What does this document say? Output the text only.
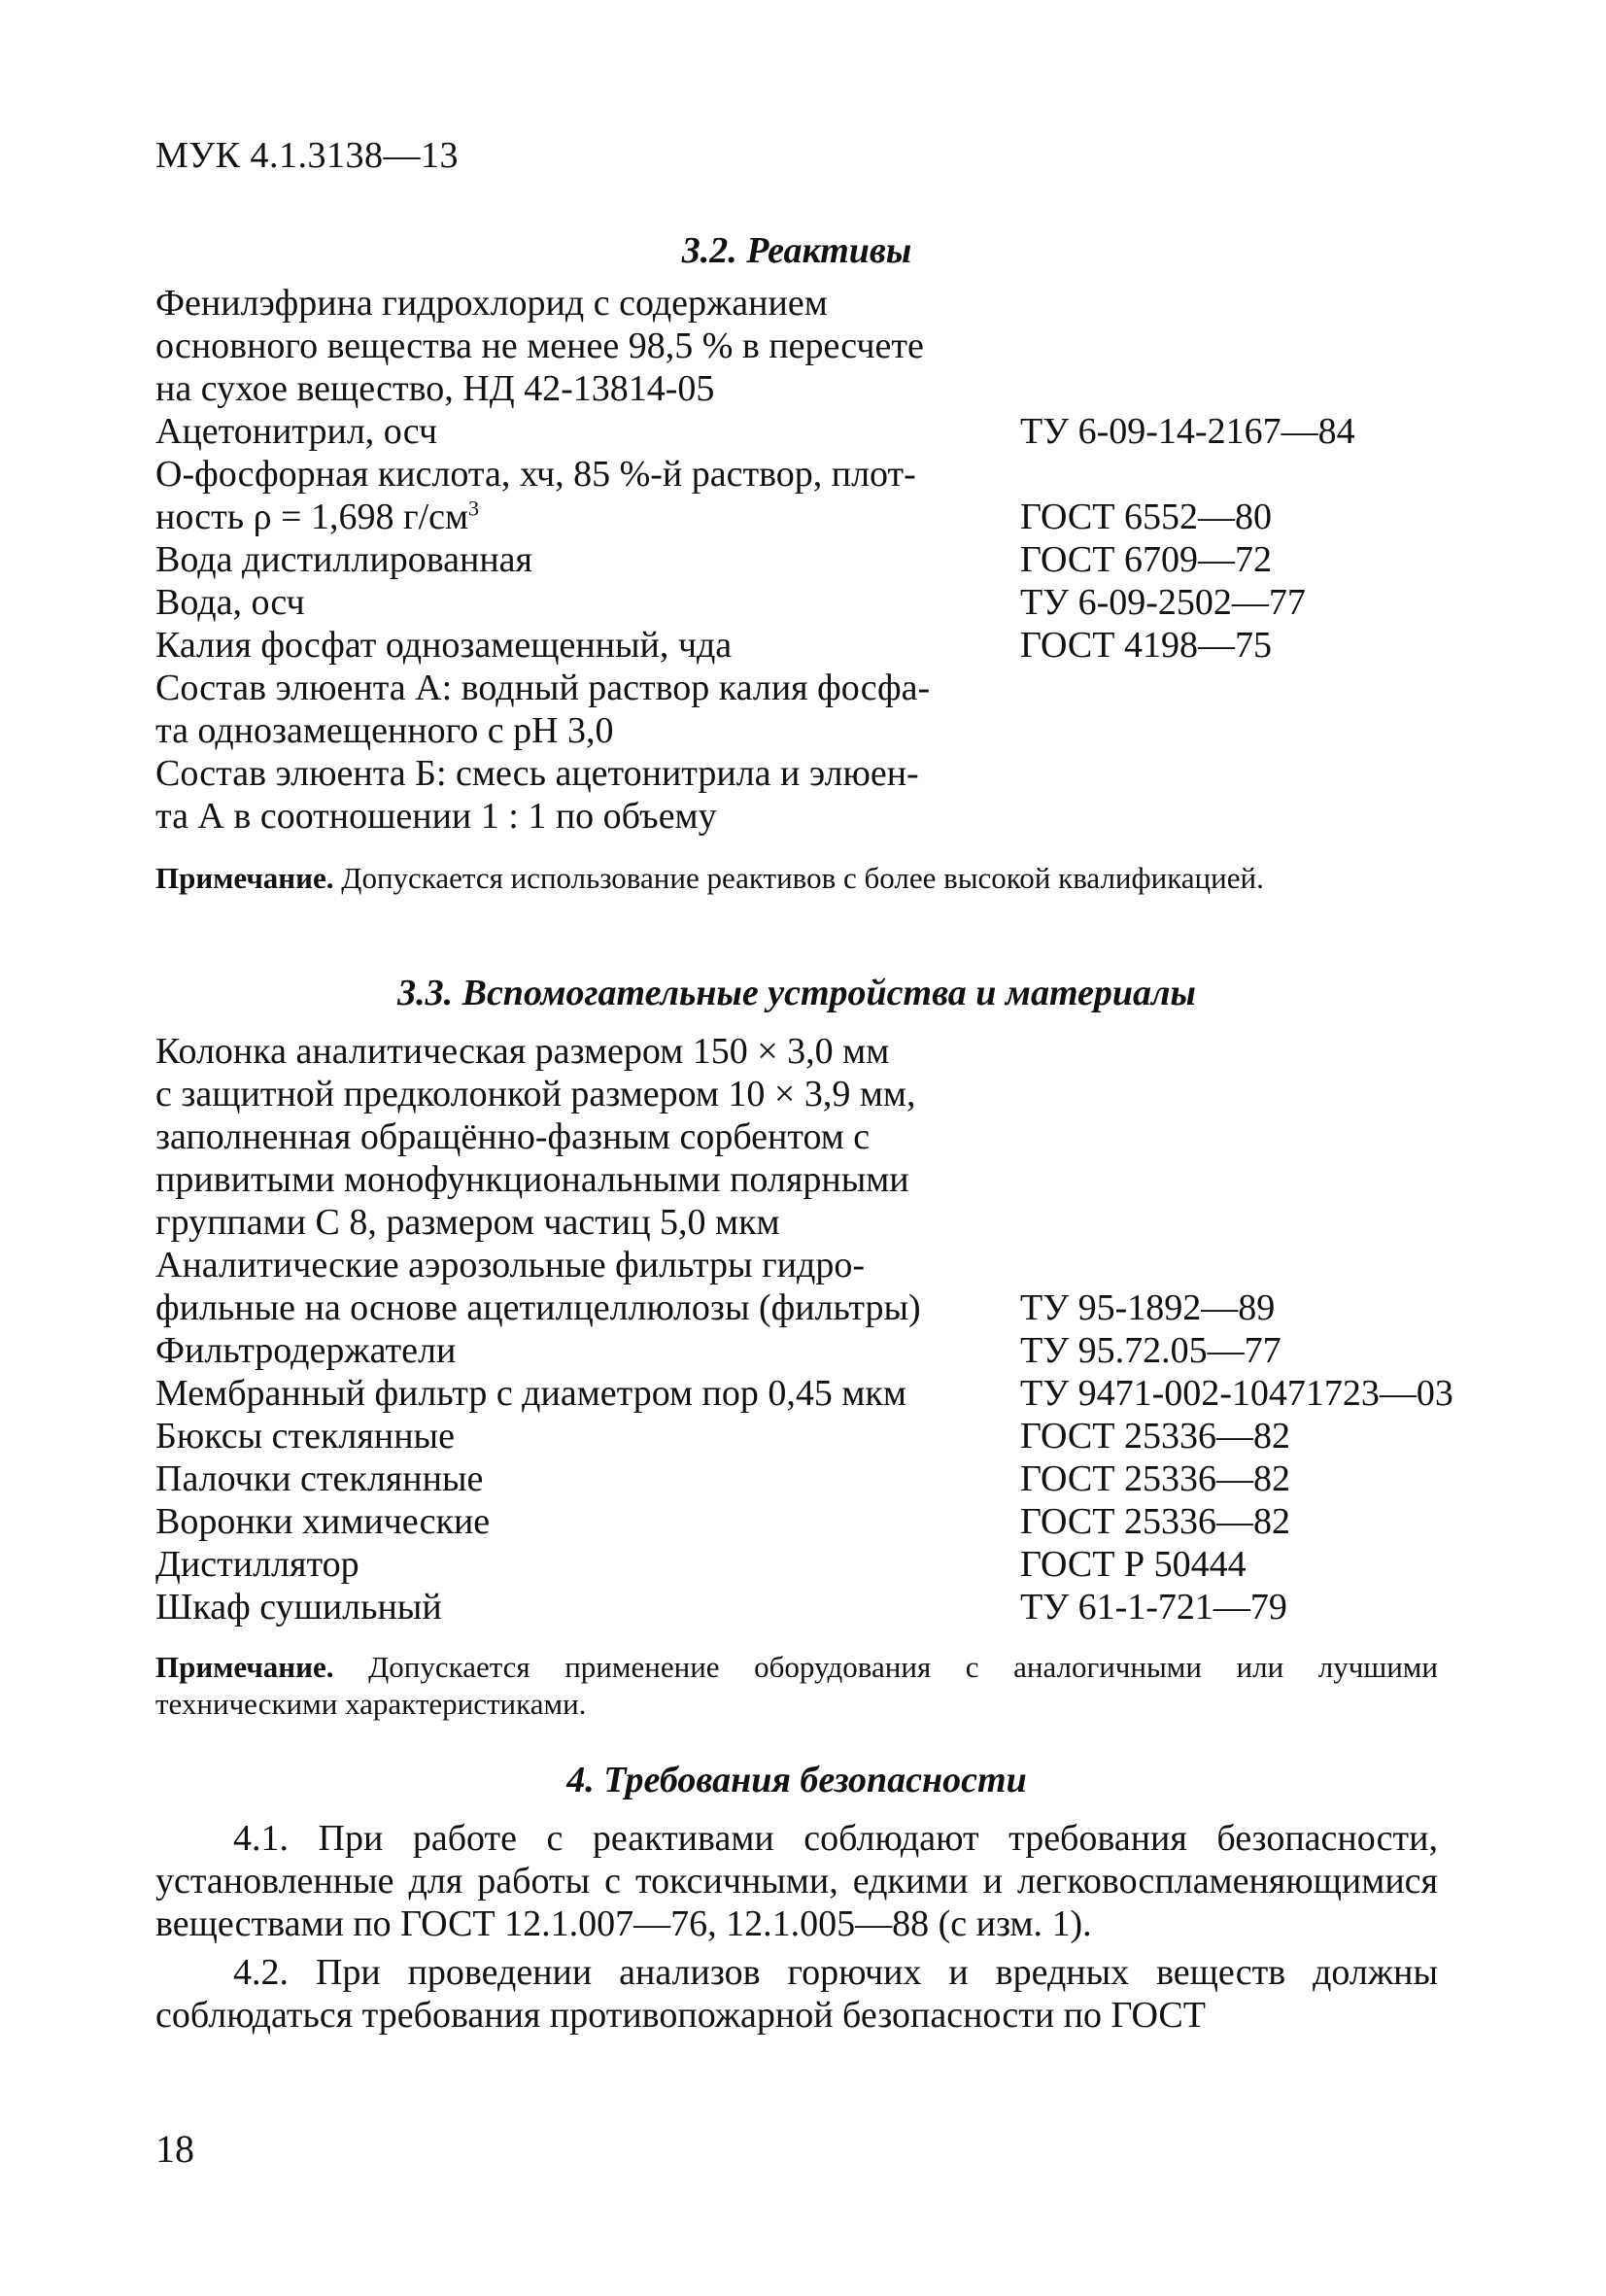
МУК 4.1.3138—13
3.2. Реактивы
Фенилэфрина гидрохлорид с содержанием
основного вещества не менее 98,5 % в пересчете
на сухое вещество, НД 42-13814-05
Ацетонитрил, осч
О-фосфорная кислота, хч, 85 %-й раствор, плот-
ность ρ = 1,698 $г/см^3$
Вода дистиллированная
Вода, осч
Калия фосфат однозамещенный, чда
Состав элюента А: водный раствор калия фосфа-
та однозамещенного с рН 3,0
Состав элюента Б: смесь ацетонитрила и элюен-
та А в соотношении 1 : 1 по объему

ТУ 6-09-14-2167—84

ГОСТ 6552—80
ГОСТ 6709—72
ТУ 6-09-2502—77
ГОСТ 4198—75
Примечание. Допускается использование реактивов с более высокой квалификацией.
3.3. Вспомогательные устройства и материалы
Колонка аналитическая размером 150 × 3,0 мм
с защитной предколонкой размером 10 × 3,9 мм,
заполненная обращённо-фазным сорбентом с
привитыми монофункциональными полярными
группами С 8, размером частиц 5,0 мкм
Аналитические аэрозольные фильтры гидро-
фильные на основе ацетилцеллюлозы (фильтры)
Фильтродержатели
Мембранный фильтр с диаметром пор 0,45 мкм
Бюксы стеклянные
Палочки стеклянные
Воронки химические
Дистиллятор
Шкаф сушильный

ТУ 95-1892—89
ТУ 95.72.05—77
ТУ 9471-002-10471723—03
ГОСТ 25336—82
ГОСТ 25336—82
ГОСТ 25336—82
ГОСТ Р 50444
ТУ 61-1-721—79
Примечание. Допускается применение оборудования с аналогичными или лучшими техническими характеристиками.
4. Требования безопасности
4.1. При работе с реактивами соблюдают требования безопасности, установленные для работы с токсичными, едкими и легковоспламеняющимися веществами по ГОСТ 12.1.007—76, 12.1.005—88 (с изм. 1).
4.2. При проведении анализов горючих и вредных веществ должны соблюдаться требования противопожарной безопасности по ГОСТ
18
